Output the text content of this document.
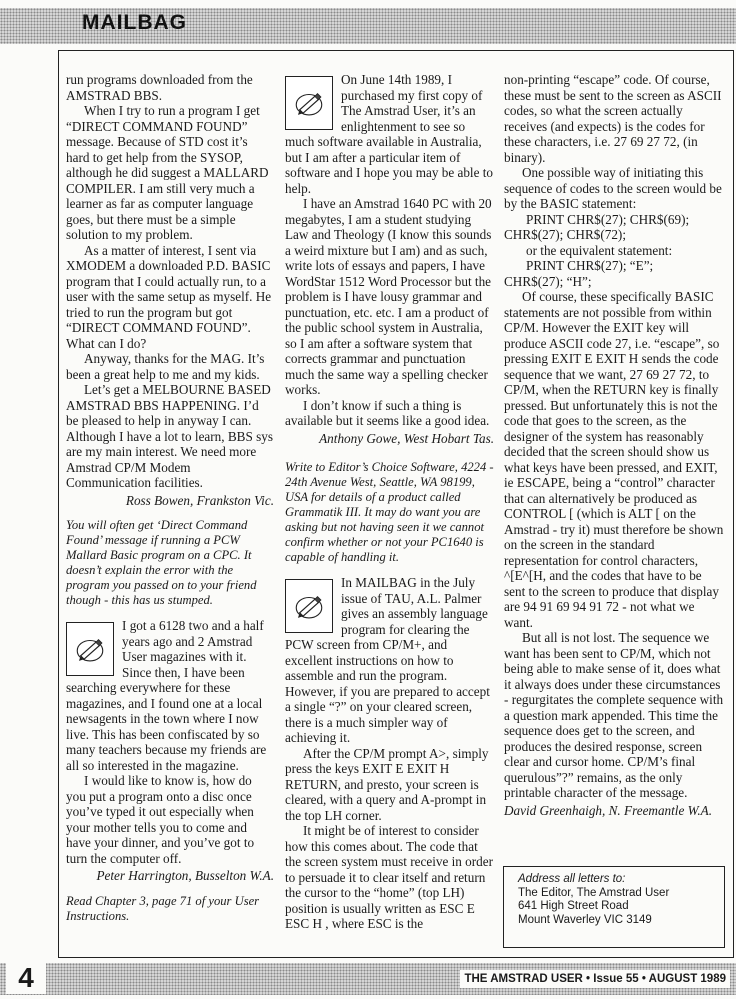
MAILBAG

run programs downloaded from the AMSTRAD BBS.

When I try to run a program I get “DIRECT COMMAND FOUND” message. Because of STD cost it’s hard to get help from the SYSOP, although he did suggest a MALLARD COMPILER. I am still very much a learner as far as computer language goes, but there must be a simple solution to my problem.

As a matter of interest, I sent via XMODEM a downloaded P.D. BASIC program that I could actually run, to a user with the same setup as myself. He tried to run the program but got “DIRECT COMMAND FOUND”. What can I do?

Anyway, thanks for the MAG. It’s been a great help to me and my kids.

Let’s get a MELBOURNE BASED AMSTRAD BBS HAPPENING. I’d be pleased to help in anyway I can. Although I have a lot to learn, BBS sys are my main interest. We need more Amstrad CP/M Modem Communication facilities.

Ross Bowen, Frankston Vic.

You will often get ‘Direct Command Found’ message if running a PCW Mallard Basic program on a CPC. It doesn’t explain the error with the program you passed on to your friend though - this has us stumped.

I got a 6128 two and a half years ago and 2 Amstrad User magazines with it. Since then, I have been searching everywhere for these magazines, and I found one at a local newsagents in the town where I now live. This has been confiscated by so many teachers because my friends are all so interested in the magazine.

I would like to know is, how do you put a program onto a disc once you’ve typed it out especially when your mother tells you to come and have your dinner, and you’ve got to turn the computer off.

Peter Harrington, Busselton W.A.

Read Chapter 3, page 71 of your User Instructions.

On June 14th 1989, I purchased my first copy of The Amstrad User, it’s an enlightenment to see so much software available in Australia, but I am after a particular item of software and I hope you may be able to help.

I have an Amstrad 1640 PC with 20 megabytes, I am a student studying Law and Theology (I know this sounds a weird mixture but I am) and as such, write lots of essays and papers, I have WordStar 1512 Word Processor but the problem is I have lousy grammar and punctuation, etc. etc. I am a product of the public school system in Australia, so I am after a software system that corrects grammar and punctuation much the same way a spelling checker works.

I don’t know if such a thing is available but it seems like a good idea.

Anthony Gowe, West Hobart Tas.

Write to Editor’s Choice Software, 4224 - 24th Avenue West, Seattle, WA 98199, USA for details of a product called Grammatik III. It may do want you are asking but not having seen it we cannot confirm whether or not your PC1640 is capable of handling it.

In MAILBAG in the July issue of TAU, A.L. Palmer gives an assembly language program for clearing the PCW screen from CP/M+, and excellent instructions on how to assemble and run the program. However, if you are prepared to accept a single “?” on your cleared screen, there is a much simpler way of achieving it.

After the CP/M prompt A>, simply press the keys EXIT E EXIT H RETURN, and presto, your screen is cleared, with a query and A-prompt in the top LH corner.

It might be of interest to consider how this comes about. The code that the screen system must receive in order to persuade it to clear itself and return the cursor to the “home” (top LH) position is usually written as ESC E ESC H , where ESC is the

non-printing “escape” code. Of course, these must be sent to the screen as ASCII codes, so what the screen actually receives (and expects) is the codes for these characters, i.e. 27 69 27 72, (in binary).

One possible way of initiating this sequence of codes to the screen would be by the BASIC statement:

PRINT CHR$(27); CHR$(69);

CHR$(27); CHR$(72);

or the equivalent statement:

PRINT CHR$(27); “E”;

CHR$(27); “H”;

Of course, these specifically BASIC statements are not possible from within CP/M. However the EXIT key will produce ASCII code 27, i.e. “escape”, so pressing EXIT E EXIT H sends the code sequence that we want, 27 69 27 72, to CP/M, when the RETURN key is finally pressed. But unfortunately this is not the code that goes to the screen, as the designer of the system has reasonably decided that the screen should show us what keys have been pressed, and EXIT, ie ESCAPE, being a “control” character that can alternatively be produced as CONTROL [ (which is ALT [ on the Amstrad - try it) must therefore be shown on the screen in the standard representation for control characters, ^[E^[H, and the codes that have to be sent to the screen to produce that display are 94 91 69 94 91 72 - not what we want.

But all is not lost. The sequence we want has been sent to CP/M, which not being able to make sense of it, does what it always does under these circumstances - regurgitates the complete sequence with a question mark appended. This time the sequence does get to the screen, and produces the desired response, screen clear and cursor home. CP/M’s final querulous”?” remains, as the only printable character of the message.

David Greenhaigh, N. Freemantle W.A.

Address all letters to:
The Editor, The Amstrad User
641 High Street Road
Mount Waverley VIC 3149
4	THE AMSTRAD USER • Issue 55 • AUGUST 1989
